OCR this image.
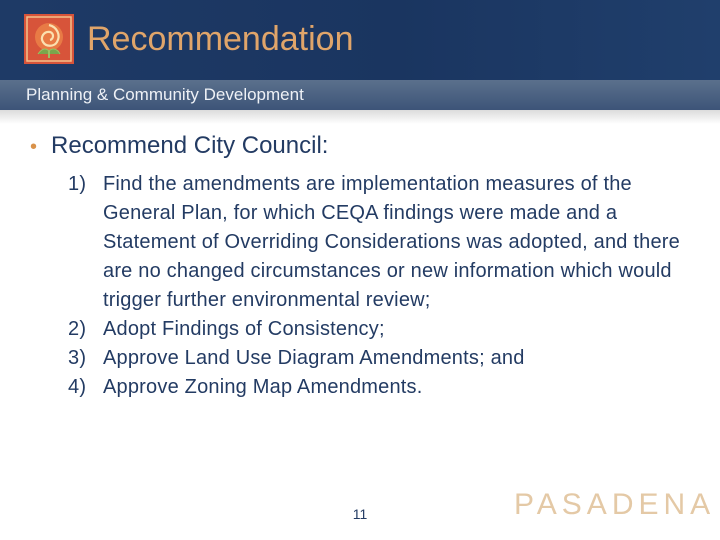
Recommendation
Planning & Community Development
• Recommend City Council:
1) Find the amendments are implementation measures of the General Plan, for which CEQA findings were made and a Statement of Overriding Considerations was adopted, and there are no changed circumstances or new information which would trigger further environmental review;
2) Adopt Findings of Consistency;
3) Approve Land Use Diagram Amendments; and
4) Approve Zoning Map Amendments.
11	PASADENA
